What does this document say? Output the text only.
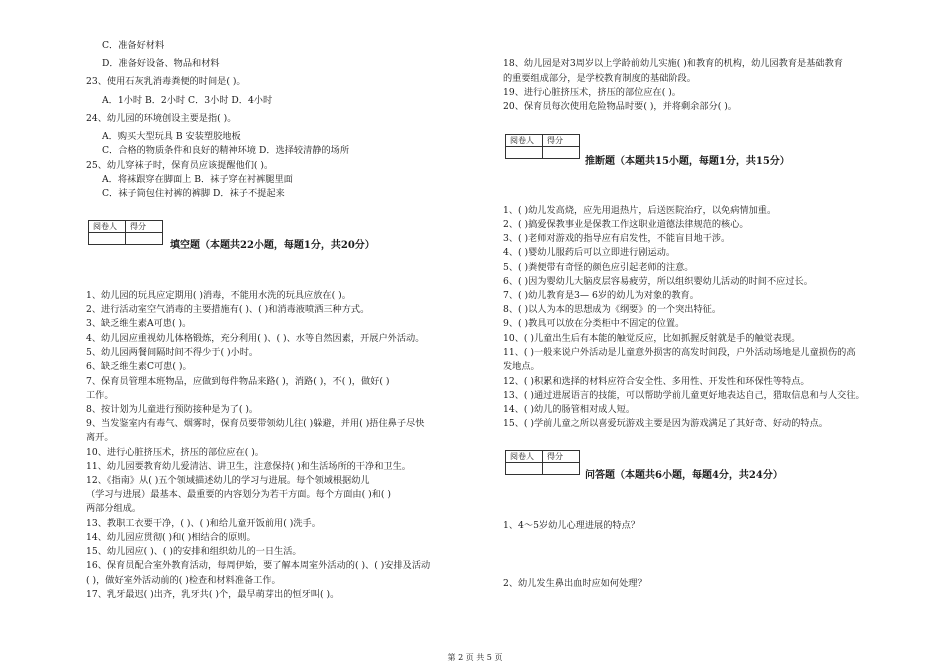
C．准备好材料
D．准备好设备、物品和材料
23、使用石灰乳消毒粪便的时间是( )。
A．1小时 B．2小时 C．3小时 D．4小时
24、幼儿园的环境创设主要是指( )。
A．购买大型玩具 B 安装塑胶地板
C．合格的物质条件和良好的精神环境 D．选择较清静的场所
25、幼儿穿袜子时，保育员应该提醒他们( )。
A．将袜跟穿在脚面上 B．袜子穿在衬裤腿里面
C．袜子筒包住衬裤的裤脚 D．袜子不提起来
阅卷人	得分

填空题（本题共22小题，每题1分，共20分）
1、幼儿园的玩具应定期用( )消毒，不能用水洗的玩具应放在( )。
2、进行活动室空气消毒的主要措施有( )、( )和消毒液喷洒三种方式。
3、缺乏维生素A可患( )。
4、幼儿园应重视幼儿体格锻炼，充分利用( )、( )、水等自然因素，开展户外活动。
5、幼儿园两餐间隔时间不得少于( )小时。
6、缺乏维生素C可患( )。
7、保育员管理本班物品，应做到每件物品来路( )，消路( )，不( )，做好( )
工作。
8、按计划为儿童进行预防接种是为了( )。
9、当发鉴室内有毒气、烟雾时，保育员要带领幼儿往( )躲避，并用( )捂住鼻子尽快
离开。
10、进行心脏挤压术，挤压的部位应在( )。
11、幼儿园要教育幼儿爱清洁、讲卫生，注意保持( )和生活场所的干净和卫生。
12、《指南》从( )五个领域描述幼儿的学习与进展。每个领域根据幼儿
（学习与进展）最基本、最重要的内容划分为若干方面。每个方面由( )和( )
两部分组成。
13、教职工衣要干净，( )、( )和给儿童开饭前用( )洗手。
14、幼儿园应贯彻( )和( )相结合的原则。
15、幼儿园应( )、( )的安排和组织幼儿的一日生活。
16、保育员配合室外教育活动，每周伊始，要了解本周室外活动的( )、( )安排及活动
( )，做好室外活动前的( )检查和材料准备工作。
17、乳牙最迟( )出齐，乳牙共( )个，最早萌芽出的恒牙叫( )。
18、幼儿园是对3周岁以上学龄前幼儿实施( )和教育的机构，幼儿园教育是基础教育
的重要组成部分，是学校教育制度的基础阶段。
19、进行心脏挤压术，挤压的部位应在( )。
20、保育员每次使用危险物品时要( )，并将剩余部分( )。
阅卷人	得分

推断题（本题共15小题，每题1分，共15分）
1、( )幼儿发高烧，应先用退热片，后送医院治疗，以免病情加重。
2、( )搞爱保教事业是保教工作这职业道德法律规范的核心。
3、( )老师对游戏的指导应有启发性，不能盲目地干涉。
4、( )婴幼儿服药后可以立即进行剧运动。
5、( )粪便带有奇怪的颜色应引起老师的注意。
6、( )因为婴幼儿大脑皮层容易疲劳，所以组织婴幼儿活动的时间不应过长。
7、( )幼儿教育是3— 6岁的幼儿为对象的教育。
8、( )以人为本的思想成为《纲要》的一个突出特征。
9、( )教具可以放在分类柜中不固定的位置。
10、( )儿童出生后有本能的触觉反应，比如抓握反射就是手的触觉表现。
11、( )一般来说户外活动是儿童意外损害的高发时间段，户外活动场地是儿童损伤的高
发地点。
12、( )积累和选择的材料应符合安全性、多用性、开发性和环保性等特点。
13、( )通过进展语言的技能，可以帮助学前儿童更好地表达自己，猎取信息和与人交往。
14、( )幼儿的肠管相对成人短。
15、( )学前儿童之所以喜爱玩游戏主要是因为游戏满足了其好奇、好动的特点。
阅卷人	得分

问答题（本题共6小题，每题4分，共24分）
1、4～5岁幼儿心理进展的特点？
2、幼儿发生鼻出血时应如何处理？
第 2 页 共 5 页
